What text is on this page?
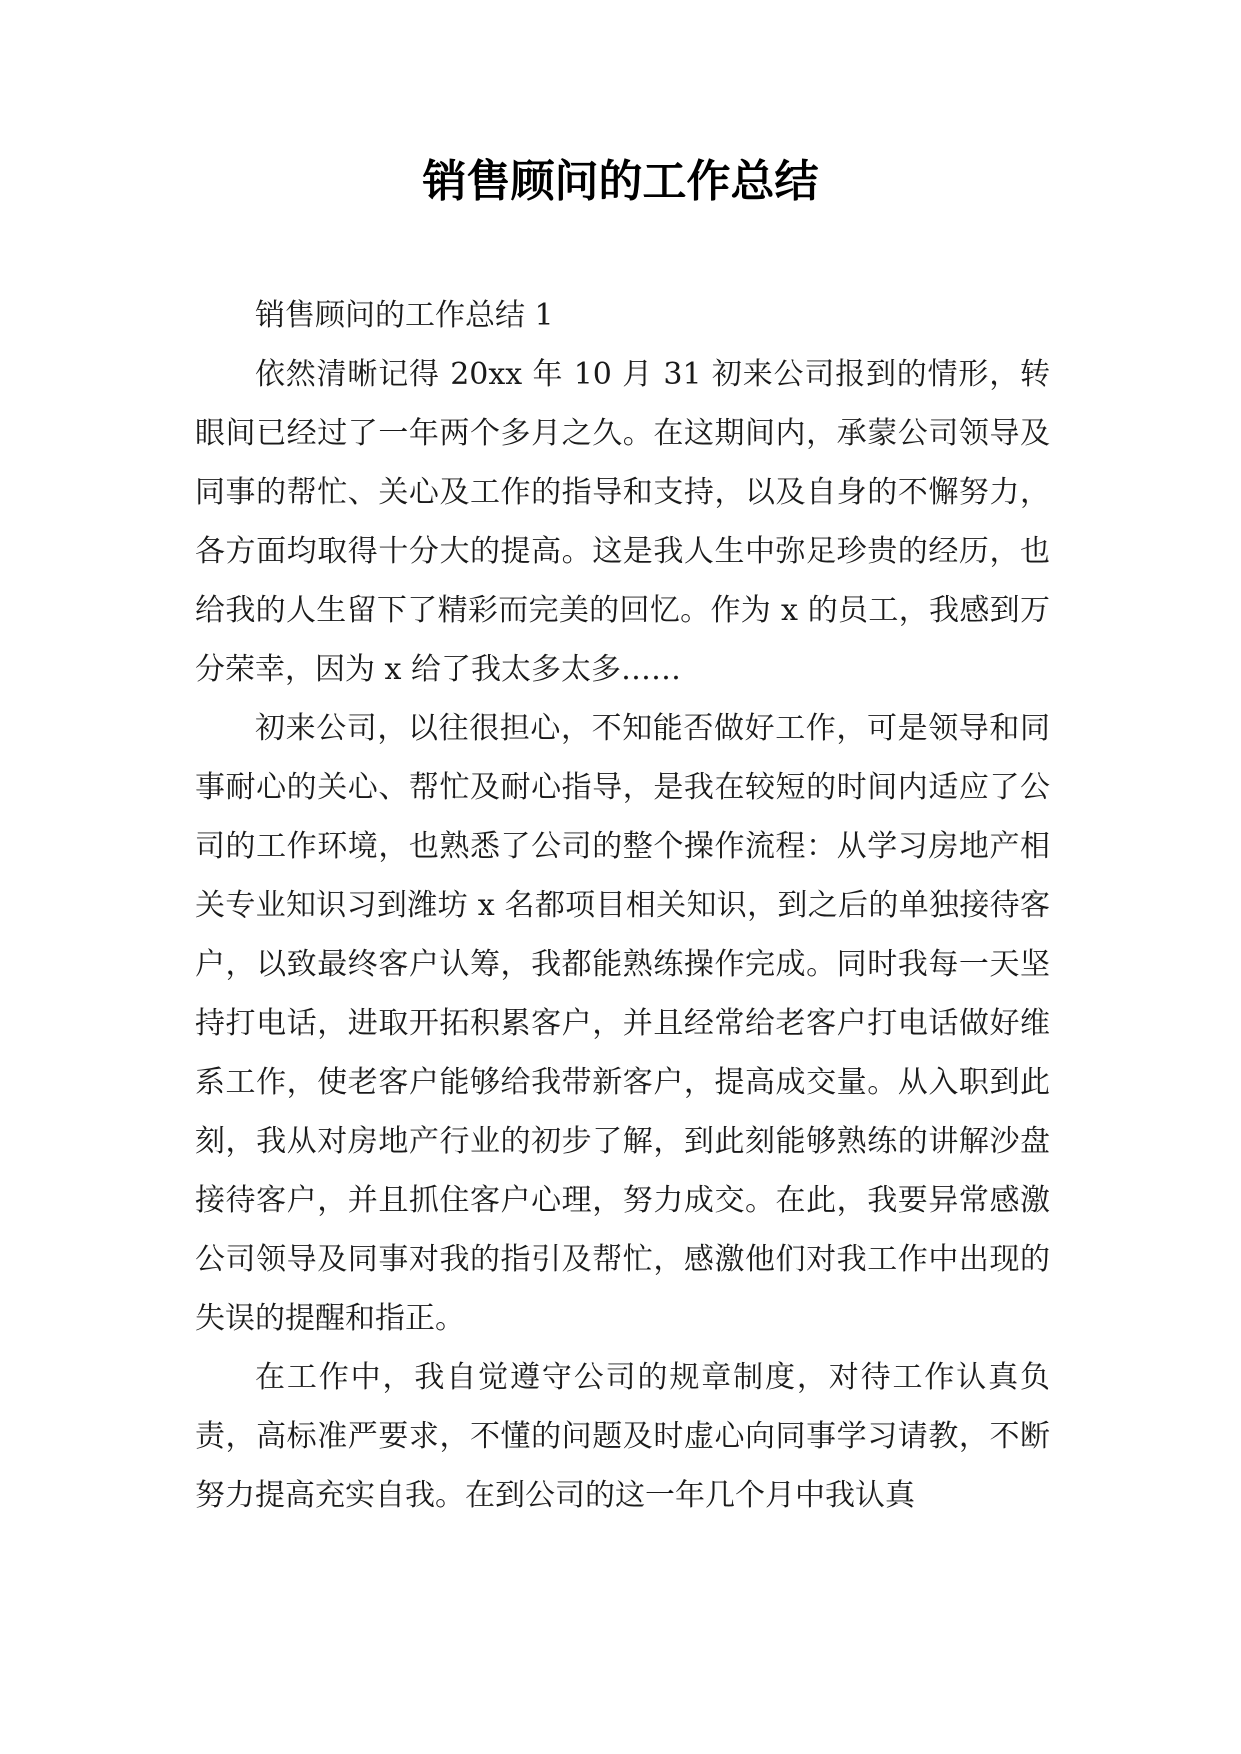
销售顾问的工作总结

销售顾问的工作总结 1

依然清晰记得 20xx 年 10 月 31 初来公司报到的情形，转眼间已经过了一年两个多月之久。在这期间内，承蒙公司领导及同事的帮忙、关心及工作的指导和支持，以及自身的不懈努力，各方面均取得十分大的提高。这是我人生中弥足珍贵的经历，也给我的人生留下了精彩而完美的回忆。作为 x 的员工，我感到万分荣幸，因为 x 给了我太多太多……

初来公司，以往很担心，不知能否做好工作，可是领导和同事耐心的关心、帮忙及耐心指导，是我在较短的时间内适应了公司的工作环境，也熟悉了公司的整个操作流程：从学习房地产相关专业知识习到潍坊 x 名都项目相关知识，到之后的单独接待客户，以致最终客户认筹，我都能熟练操作完成。同时我每一天坚持打电话，进取开拓积累客户，并且经常给老客户打电话做好维系工作，使老客户能够给我带新客户，提高成交量。从入职到此刻，我从对房地产行业的初步了解，到此刻能够熟练的讲解沙盘接待客户，并且抓住客户心理，努力成交。在此，我要异常感激公司领导及同事对我的指引及帮忙，感激他们对我工作中出现的失误的提醒和指正。

在工作中，我自觉遵守公司的规章制度，对待工作认真负责，高标准严要求，不懂的问题及时虚心向同事学习请教，不断努力提高充实自我。在到公司的这一年几个月中我认真
